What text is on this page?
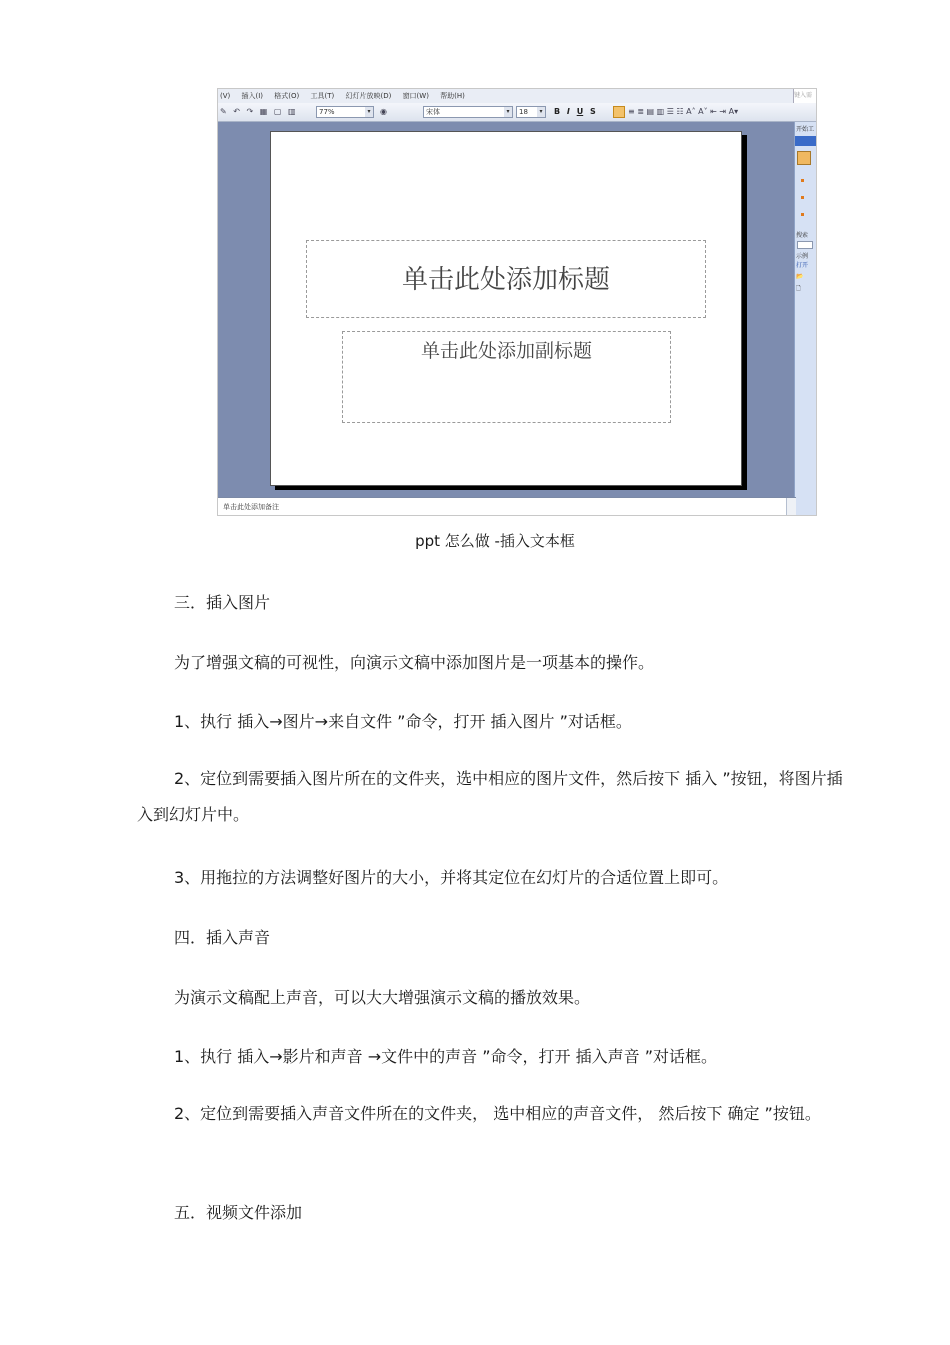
(V) 插入(I) 格式(O) 工具(T) 幻灯片放映(D) 窗口(W) 帮助(H)	键入需
✎ ↶ ↷ ▦ ▢ ▥	77%	▾	◉	宋体	▾	18	▾	B I U S	≡ ≣ ▤ ▥ ☰ ☷ A˄ A˅ ⇤ ⇥ A▾
单击此处添加标题
单击此处添加副标题
开始工
搜索
示例
打开
📂
🗋
单击此处添加备注
ppt 怎么做 -插入文本框
三．插入图片
为了增强文稿的可视性，向演示文稿中添加图片是一项基本的操作。
1、执行 插入→图片→来自文件 ”命令，打开 插入图片 ”对话框。
2、定位到需要插入图片所在的文件夹，选中相应的图片文件，然后按下 插入 ”按钮，将图片插入到幻灯片中。
3、用拖拉的方法调整好图片的大小，并将其定位在幻灯片的合适位置上即可。
四．插入声音
为演示文稿配上声音，可以大大增强演示文稿的播放效果。
1、执行 插入→影片和声音 →文件中的声音 ”命令，打开 插入声音 ”对话框。
2、定位到需要插入声音文件所在的文件夹， 选中相应的声音文件， 然后按下 确定 ”按钮。
五．视频文件添加
